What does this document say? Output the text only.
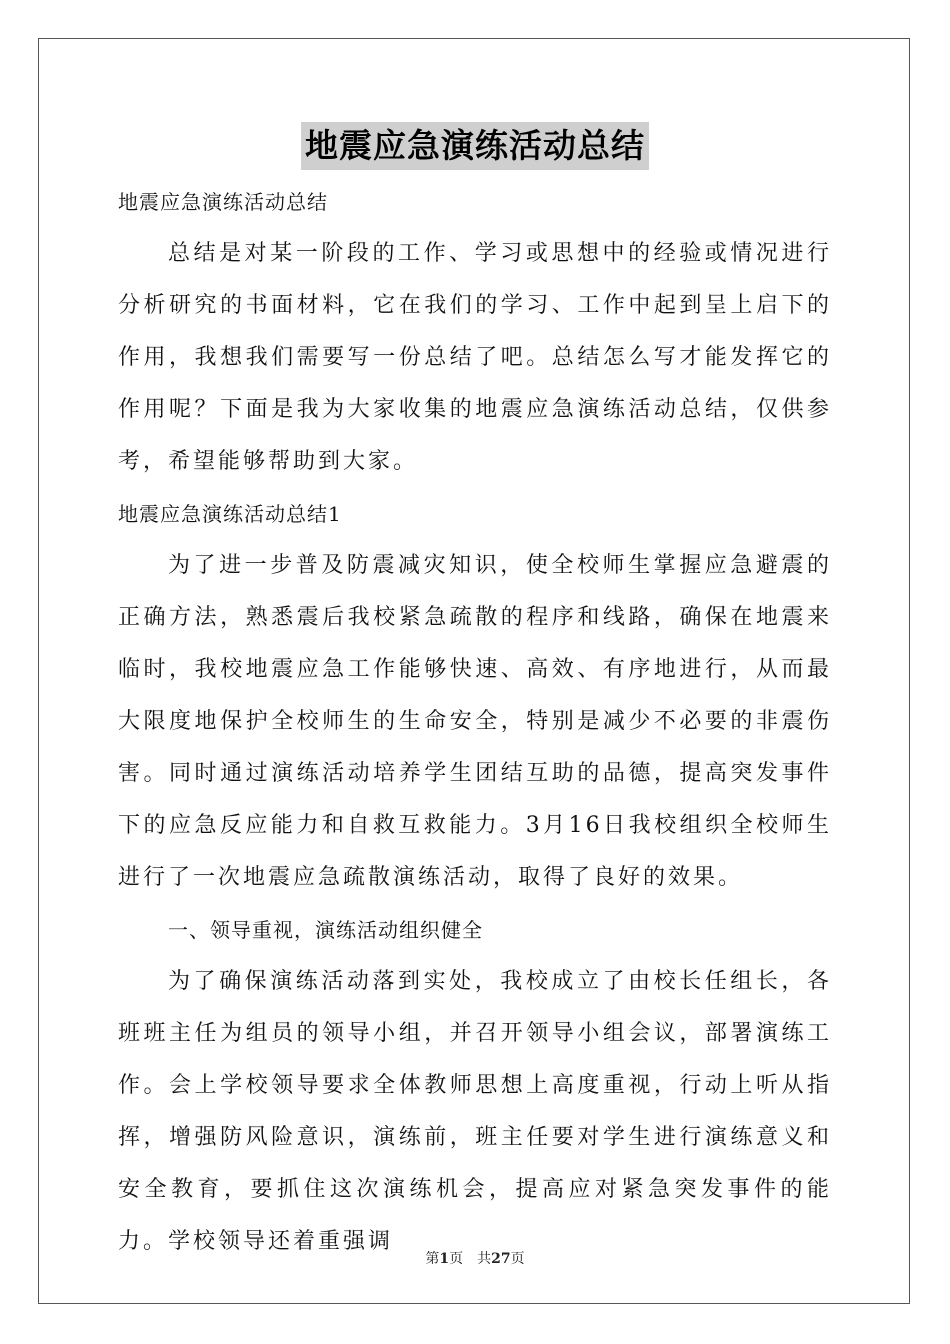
地震应急演练活动总结

地震应急演练活动总结

总结是对某一阶段的工作、学习或思想中的经验或情况进行分析研究的书面材料，它在我们的学习、工作中起到呈上启下的作用，我想我们需要写一份总结了吧。总结怎么写才能发挥它的作用呢？下面是我为大家收集的地震应急演练活动总结，仅供参考，希望能够帮助到大家。

地震应急演练活动总结1

为了进一步普及防震减灾知识，使全校师生掌握应急避震的正确方法，熟悉震后我校紧急疏散的程序和线路，确保在地震来临时，我校地震应急工作能够快速、高效、有序地进行，从而最大限度地保护全校师生的生命安全，特别是减少不必要的非震伤害。同时通过演练活动培养学生团结互助的品德，提高突发事件下的应急反应能力和自救互救能力。3月16日我校组织全校师生进行了一次地震应急疏散演练活动，取得了良好的效果。

一、领导重视，演练活动组织健全

为了确保演练活动落到实处，我校成立了由校长任组长，各班班主任为组员的领导小组，并召开领导小组会议，部署演练工作。会上学校领导要求全体教师思想上高度重视，行动上听从指挥，增强防风险意识，演练前，班主任要对学生进行演练意义和安全教育，要抓住这次演练机会，提高应对紧急突发事件的能力。学校领导还着重强调

第1页　共27页
